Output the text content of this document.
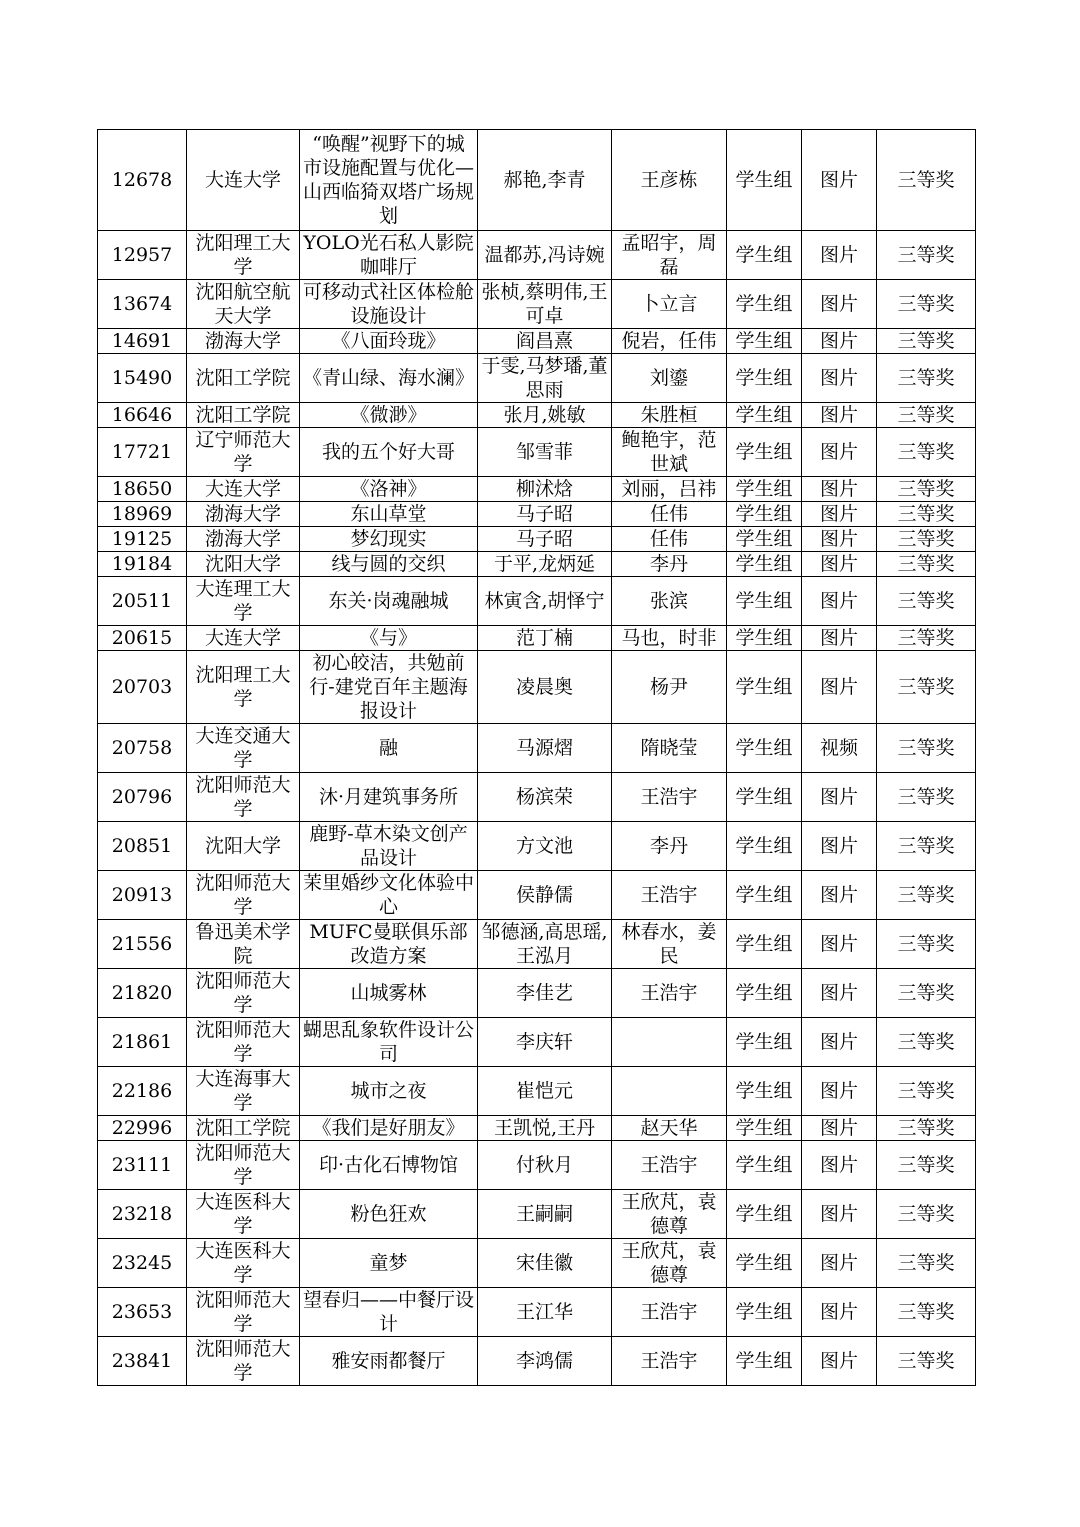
12678	大连大学	“唤醒”视野下的城市设施配置与优化—山西临猗双塔广场规划	郝艳,李青	王彦栋	学生组	图片	三等奖
12957	沈阳理工大学	YOLO光石私人影院咖啡厅	温都苏,冯诗婉	孟昭宇，周磊	学生组	图片	三等奖
13674	沈阳航空航天大学	可移动式社区体检舱设施设计	张桢,蔡明伟,王可卓	卜立言	学生组	图片	三等奖
14691	渤海大学	《八面玲珑》	阎昌熹	倪岩，任伟	学生组	图片	三等奖
15490	沈阳工学院	《青山绿、海水澜》	于雯,马梦璠,董思雨	刘鎏	学生组	图片	三等奖
16646	沈阳工学院	《微渺》	张月,姚敏	朱胜桓	学生组	图片	三等奖
17721	辽宁师范大学	我的五个好大哥	邹雪菲	鲍艳宇，范世斌	学生组	图片	三等奖
18650	大连大学	《洛神》	柳沭焓	刘丽，吕祎	学生组	图片	三等奖
18969	渤海大学	东山草堂	马子昭	任伟	学生组	图片	三等奖
19125	渤海大学	梦幻现实	马子昭	任伟	学生组	图片	三等奖
19184	沈阳大学	线与圆的交织	于平,龙炳延	李丹	学生组	图片	三等奖
20511	大连理工大学	东关·岗魂融城	林寅含,胡怿宁	张滨	学生组	图片	三等奖
20615	大连大学	《与》	范丁楠	马也，时非	学生组	图片	三等奖
20703	沈阳理工大学	初心皎洁，共勉前行-建党百年主题海报设计	凌晨奥	杨尹	学生组	图片	三等奖
20758	大连交通大学	融	马源熠	隋晓莹	学生组	视频	三等奖
20796	沈阳师范大学	沐·月建筑事务所	杨滨荣	王浩宇	学生组	图片	三等奖
20851	沈阳大学	鹿野-草木染文创产品设计	方文池	李丹	学生组	图片	三等奖
20913	沈阳师范大学	茉里婚纱文化体验中心	侯静儒	王浩宇	学生组	图片	三等奖
21556	鲁迅美术学院	MUFC曼联俱乐部改造方案	邹德涵,高思瑶,王泓月	林春水，姜民	学生组	图片	三等奖
21820	沈阳师范大学	山城雾林	李佳艺	王浩宇	学生组	图片	三等奖
21861	沈阳师范大学	蝴思乱象软件设计公司	李庆轩		学生组	图片	三等奖
22186	大连海事大学	城市之夜	崔恺元		学生组	图片	三等奖
22996	沈阳工学院	《我们是好朋友》	王凯悦,王丹	赵天华	学生组	图片	三等奖
23111	沈阳师范大学	印·古化石博物馆	付秋月	王浩宇	学生组	图片	三等奖
23218	大连医科大学	粉色狂欢	王嗣嗣	王欣芃，袁德尊	学生组	图片	三等奖
23245	大连医科大学	童梦	宋佳徽	王欣芃，袁德尊	学生组	图片	三等奖
23653	沈阳师范大学	望春归——中餐厅设计	王江华	王浩宇	学生组	图片	三等奖
23841	沈阳师范大学	雅安雨都餐厅	李鸿儒	王浩宇	学生组	图片	三等奖
